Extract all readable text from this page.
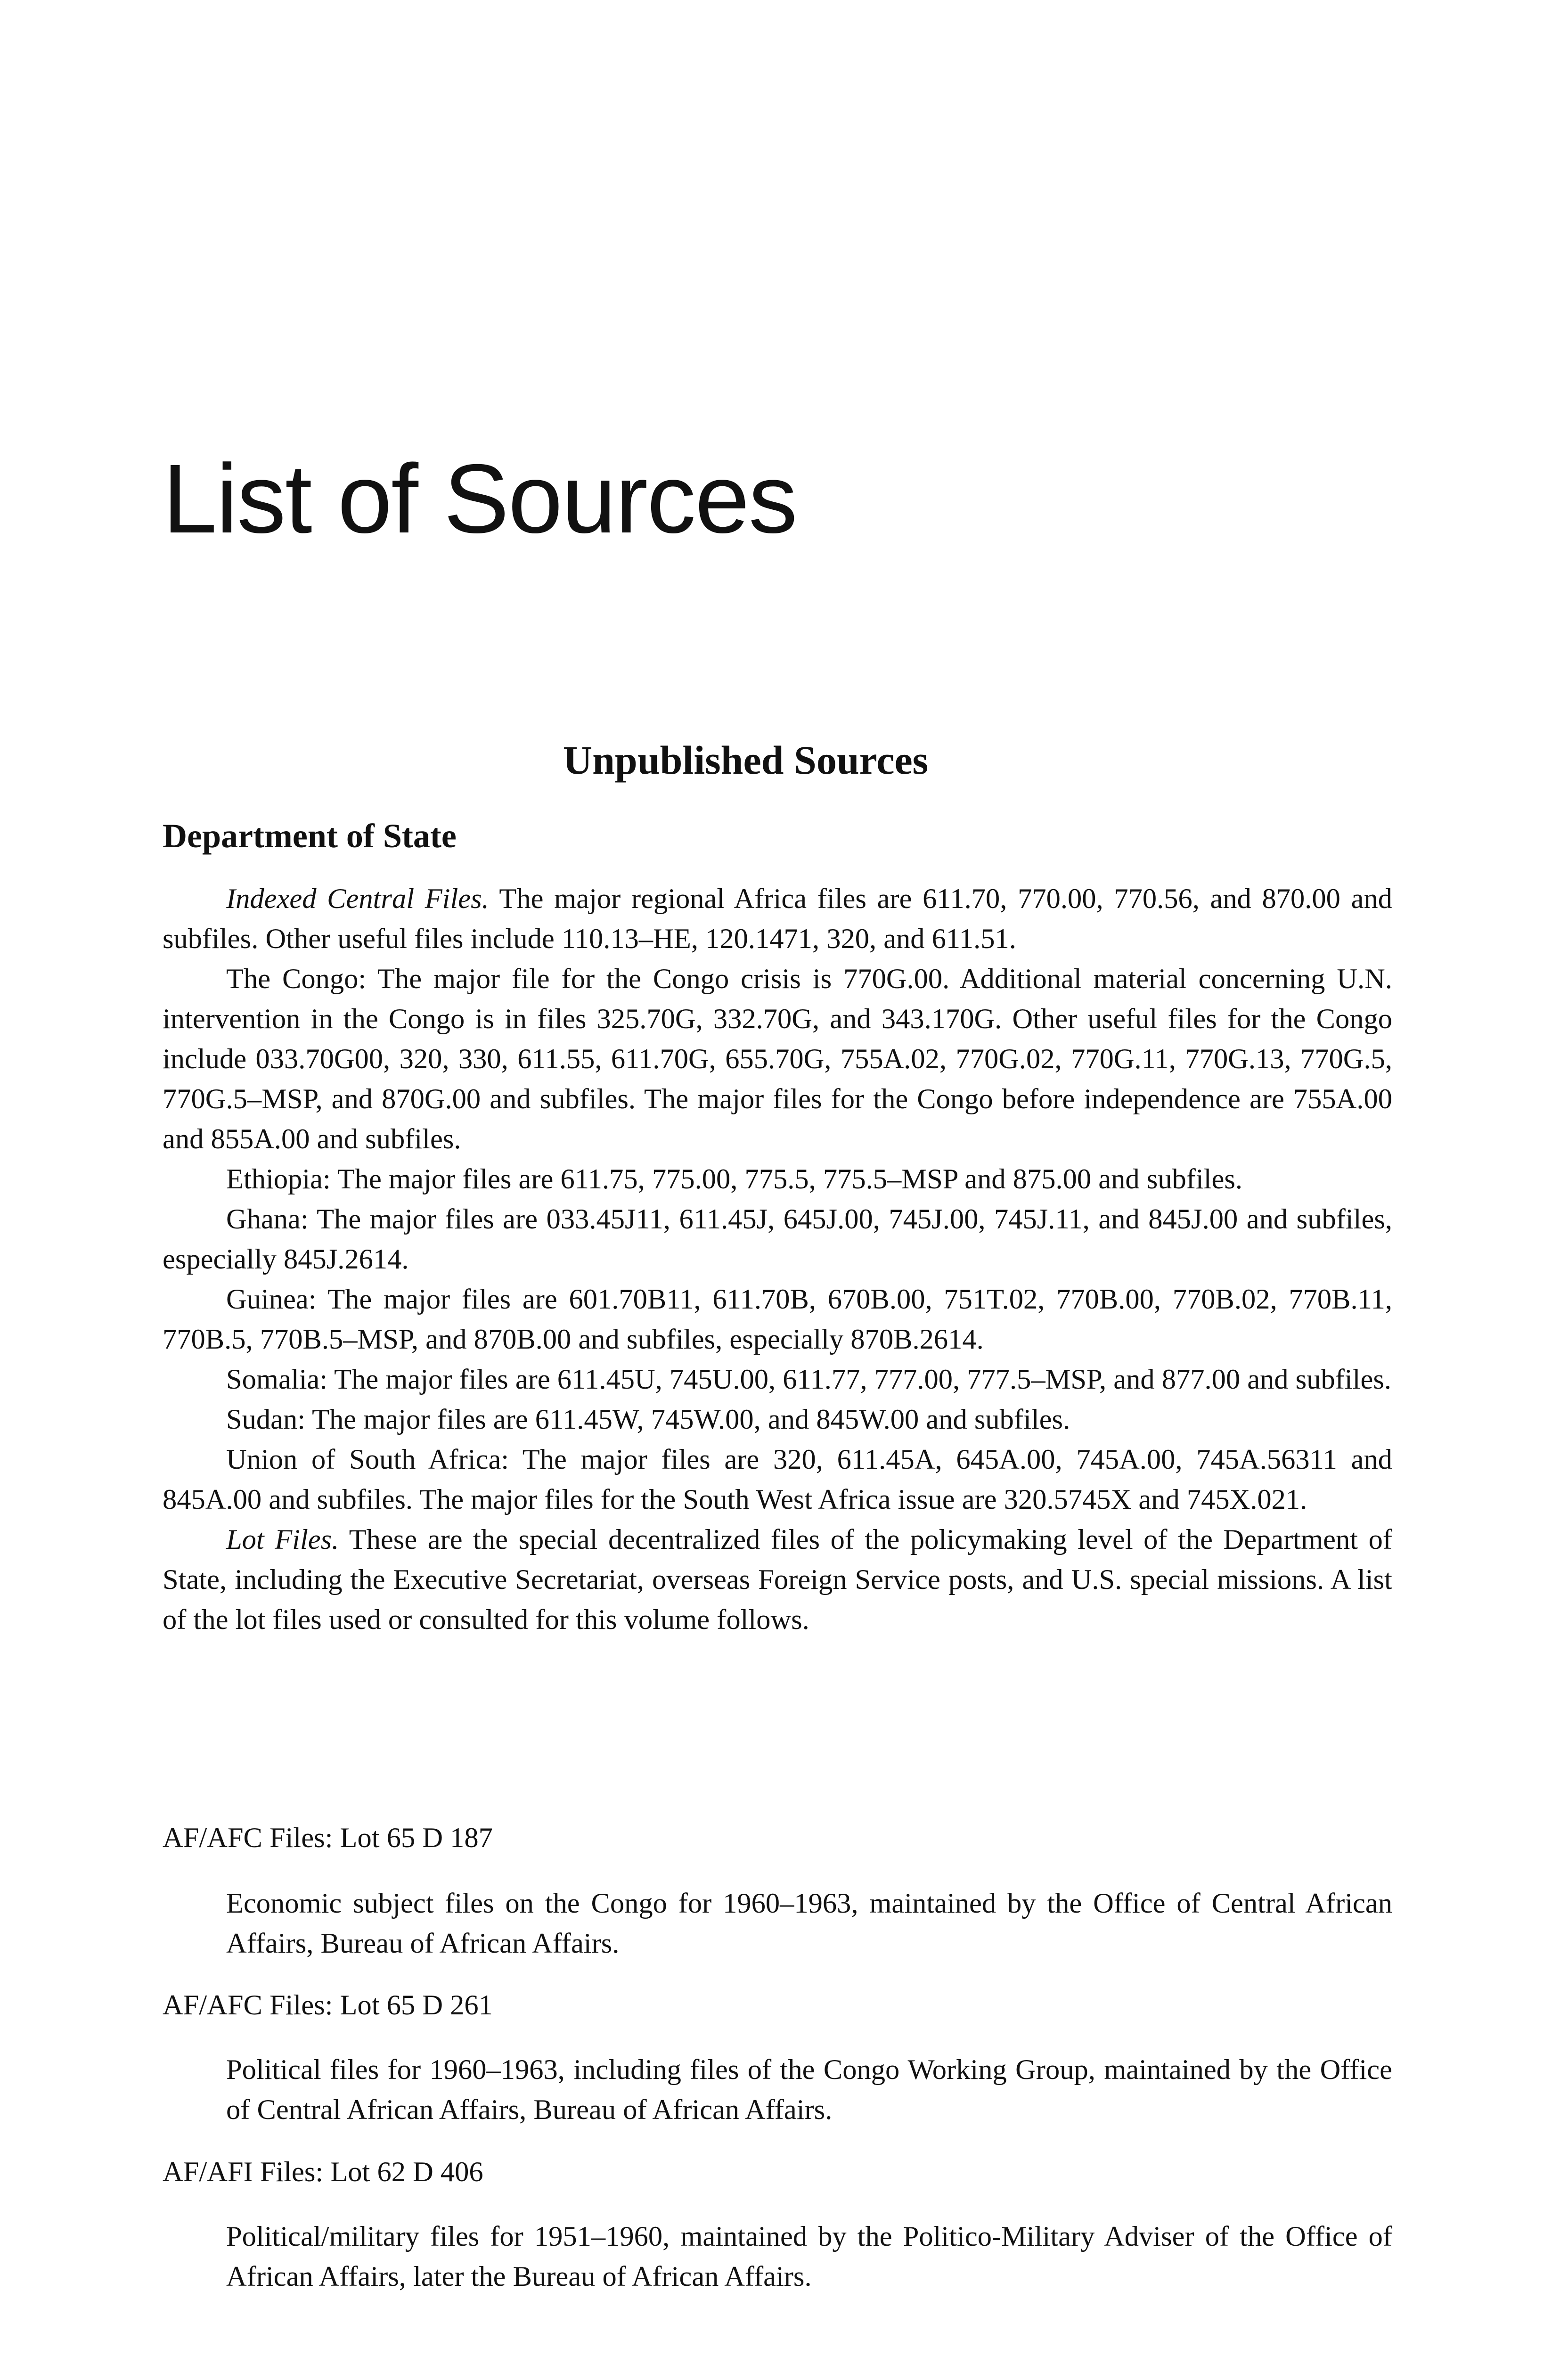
List of Sources
Unpublished Sources
Department of State

Indexed Central Files. The major regional Africa files are 611.70, 770.00, 770.56, and 870.00 and subfiles. Other useful files include 110.13–HE, 120.1471, 320, and 611.51.

The Congo: The major file for the Congo crisis is 770G.00. Additional material concerning U.N. intervention in the Congo is in files 325.70G, 332.70G, and 343.170G. Other useful files for the Congo include 033.70G00, 320, 330, 611.55, 611.70G, 655.70G, 755A.02, 770G.02, 770G.11, 770G.13, 770G.5, 770G.5–MSP, and 870G.00 and subfiles. The major files for the Congo before independence are 755A.00 and 855A.00 and subfiles.

Ethiopia: The major files are 611.75, 775.00, 775.5, 775.5–MSP and 875.00 and subfiles.

Ghana: The major files are 033.45J11, 611.45J, 645J.00, 745J.00, 745J.11, and 845J.00 and subfiles, especially 845J.2614.

Guinea: The major files are 601.70B11, 611.70B, 670B.00, 751T.02, 770B.00, 770B.02, 770B.11, 770B.5, 770B.5–MSP, and 870B.00 and subfiles, especially 870B.2614.

Somalia: The major files are 611.45U, 745U.00, 611.77, 777.00, 777.5–MSP, and 877.00 and subfiles.

Sudan: The major files are 611.45W, 745W.00, and 845W.00 and subfiles.

Union of South Africa: The major files are 320, 611.45A, 645A.00, 745A.00, 745A.56311 and 845A.00 and subfiles. The major files for the South West Africa issue are 320.5745X and 745X.021.

Lot Files. These are the special decentralized files of the policymaking level of the Department of State, including the Executive Secretariat, overseas Foreign Service posts, and U.S. special missions. A list of the lot files used or consulted for this volume follows.

AF/AFC Files: Lot 65 D 187
Economic subject files on the Congo for 1960–1963, maintained by the Office of Central African Affairs, Bureau of African Affairs.
AF/AFC Files: Lot 65 D 261
Political files for 1960–1963, including files of the Congo Working Group, maintained by the Office of Central African Affairs, Bureau of African Affairs.
AF/AFI Files: Lot 62 D 406
Political/military files for 1951–1960, maintained by the Politico-Military Adviser of the Office of African Affairs, later the Bureau of African Affairs.
